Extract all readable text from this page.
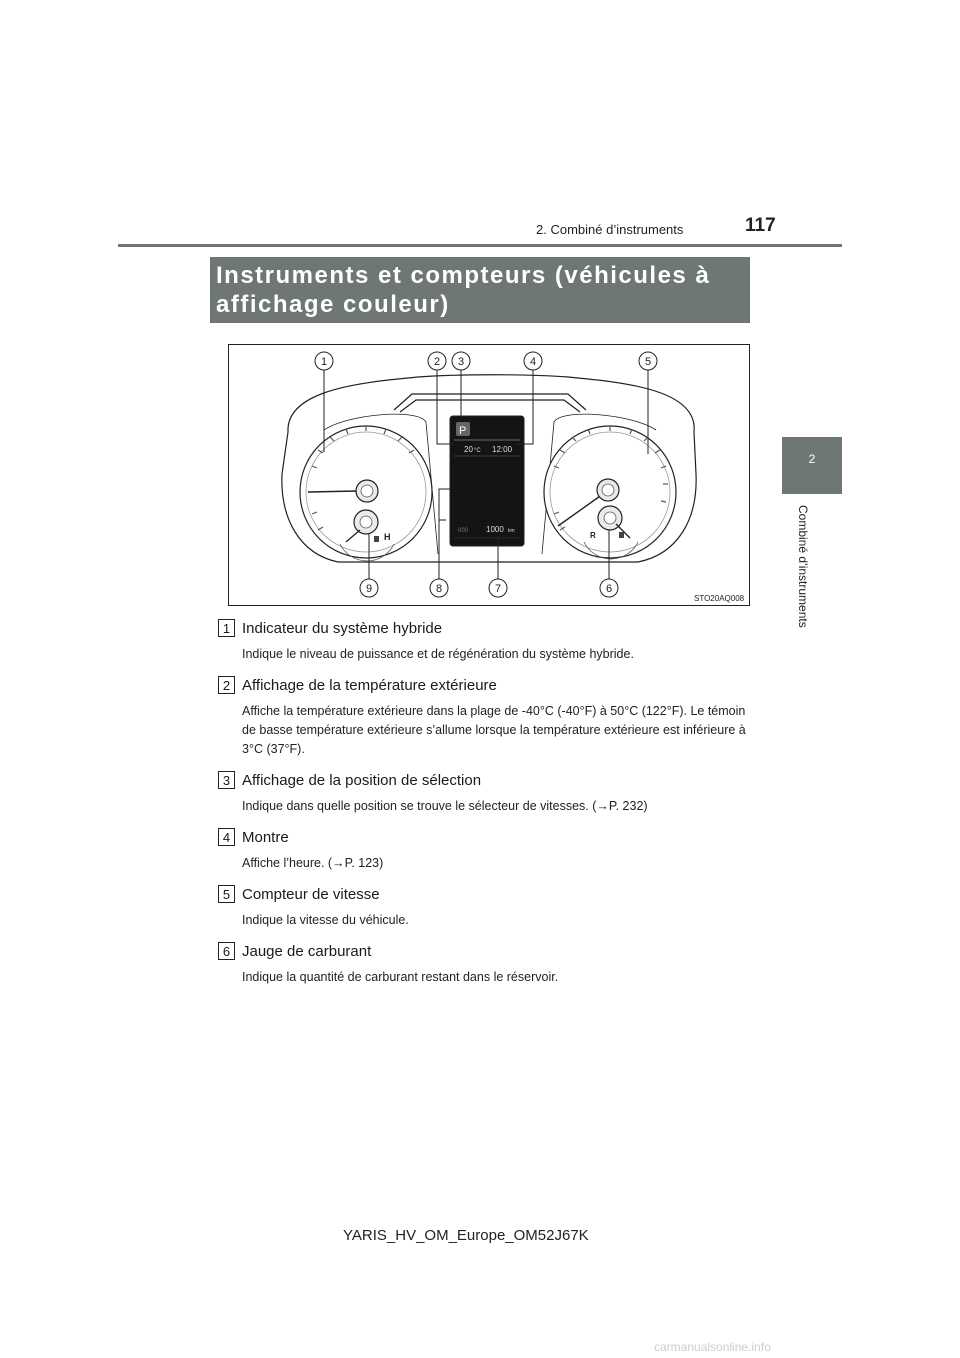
2. Combiné d’instruments	117
2
Combiné d’instruments
Instruments et compteurs (véhicules à affichage couleur)
H
P
20 °C 12:00
000 1000 km	R
1	2 3	4	5
9	8	7	6
STO20AQ008
1 Indicateur du système hybride
Indique le niveau de puissance et de régénération du système hybride.
2 Affichage de la température extérieure
Affiche la température extérieure dans la plage de -40°C (-40°F) à 50°C (122°F). Le témoin de basse température extérieure s’allume lorsque la température extérieure est inférieure à 3°C (37°F).
3 Affichage de la position de sélection
Indique dans quelle position se trouve le sélecteur de vitesses. (→P. 232)
4 Montre
Affiche l’heure. (→P. 123)
5 Compteur de vitesse
Indique la vitesse du véhicule.
6 Jauge de carburant
Indique la quantité de carburant restant dans le réservoir.
YARIS_HV_OM_Europe_OM52J67K
carmanualsonline.info
